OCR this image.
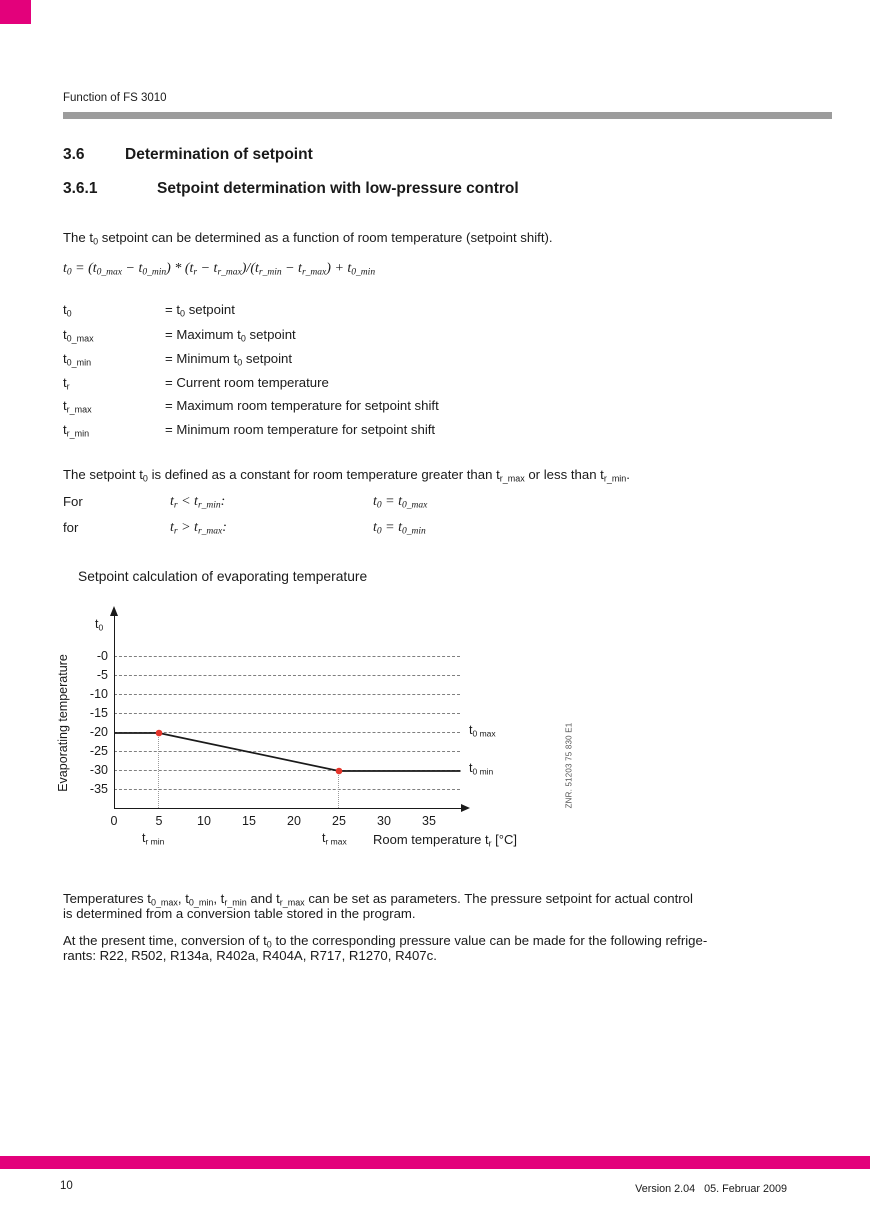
Function of FS 3010
3.6	Determination of setpoint
3.6.1	Setpoint determination with low-pressure control
The $t_0$ setpoint can be determined as a function of room temperature (setpoint shift).
$t_0 = (t_{0\_max} - t_{0\_min}) * (t_r - t_{r\_max})/(t_{r\_min} - t_{r\_max}) + t_{0\_min}$
$t_0$	= $t_0$ setpoint
$t_{0\_max}$	= Maximum $t_0$ setpoint
$t_{0\_min}$	= Minimum $t_0$ setpoint
$t_r$	= Current room temperature
$t_{r\_max}$	= Maximum room temperature for setpoint shift
$t_{r\_min}$	= Minimum room temperature for setpoint shift
The setpoint $t_0$ is defined as a constant for room temperature greater than $t_{r\_max}$ or less than $t_{r\_min}$.
For	$t_r < t_{r\_min}$:	$t_0 = t_{0\_max}$
for	$t_r > t_{r\_max}$:	$t_0 = t_{0\_min}$
Setpoint calculation of evaporating temperature
-0
-5
-10
-15
-20
-25
-30
-35
0	5	10	15	20	25	30	35
$t_0$
$t_{0 max}$
$t_{0 min}$
$t_{r min}$	$t_{r max}$ Room temperature $t_r$ [°C]
Evaporating temperature	ZNR. 51203 75 830 E1
Temperatures $t_{0\_max}$, $t_{0\_min}$, $t_{r\_min}$ and $t_{r\_max}$ can be set as parameters. The pressure setpoint for actual control
is determined from a conversion table stored in the program.
At the present time, conversion of $t_0$ to the corresponding pressure value can be made for the following refrige-
rants: R22, R502, R134a, R402a, R404A, R717, R1270, R407c.
10	Version 2.04   05. Februar 2009
